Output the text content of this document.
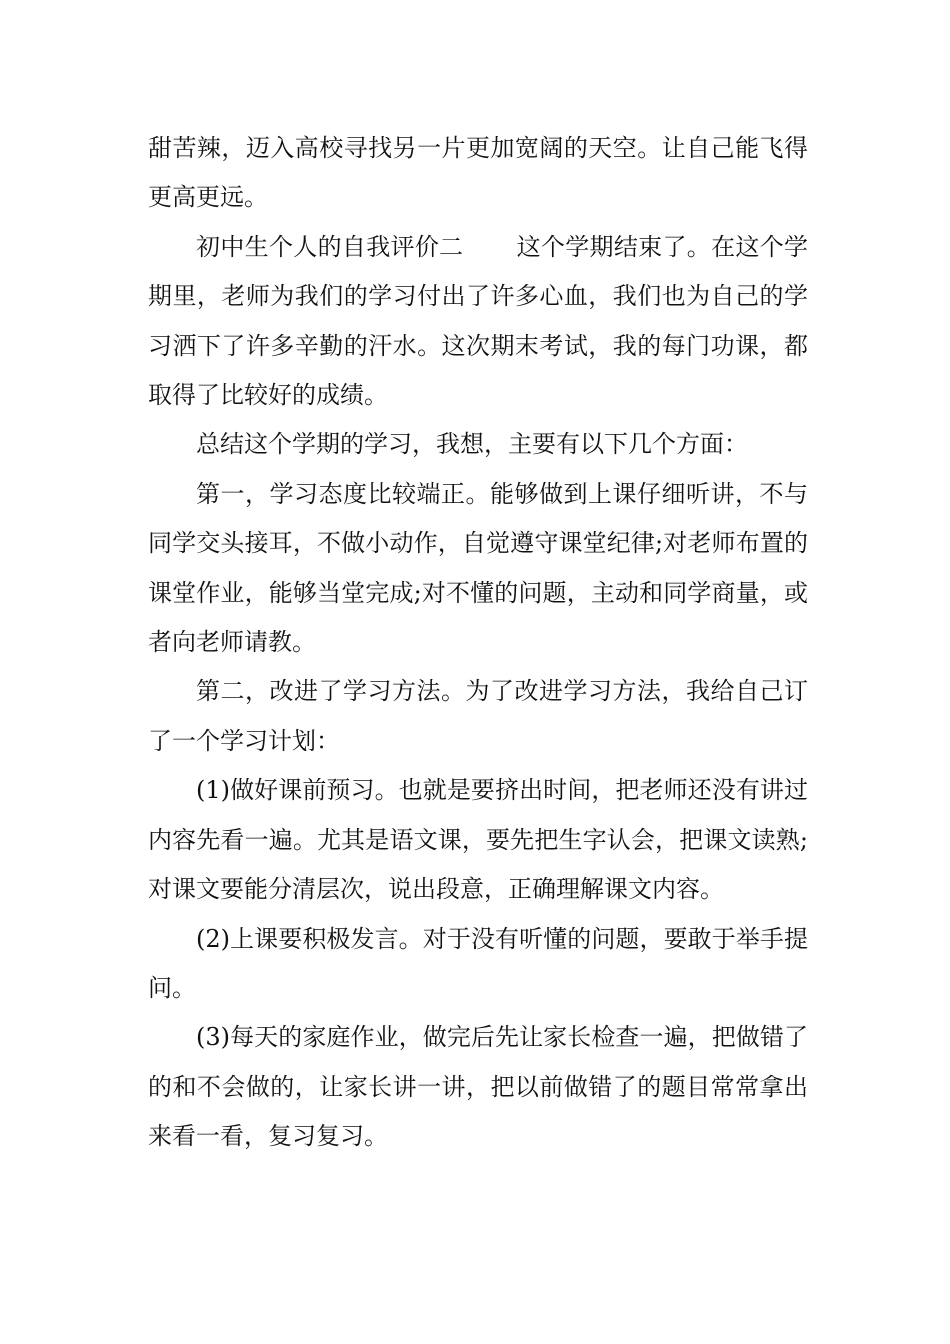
甜苦辣，迈入高校寻找另一片更加宽阔的天空。让自己能飞得更高更远。

初中生个人的自我评价二 这个学期结束了。在这个学期里，老师为我们的学习付出了许多心血，我们也为自己的学习洒下了许多辛勤的汗水。这次期末考试，我的每门功课，都取得了比较好的成绩。

总结这个学期的学习，我想，主要有以下几个方面：

第一，学习态度比较端正。能够做到上课仔细听讲，不与同学交头接耳，不做小动作，自觉遵守课堂纪律;对老师布置的课堂作业，能够当堂完成;对不懂的问题，主动和同学商量，或者向老师请教。

第二，改进了学习方法。为了改进学习方法，我给自己订了一个学习计划：

(1)做好课前预习。也就是要挤出时间，把老师还没有讲过内容先看一遍。尤其是语文课，要先把生字认会，把课文读熟;对课文要能分清层次，说出段意，正确理解课文内容。

(2)上课要积极发言。对于没有听懂的问题，要敢于举手提问。

(3)每天的家庭作业，做完后先让家长检查一遍，把做错了的和不会做的，让家长讲一讲，把以前做错了的题目常常拿出来看一看，复习复习。
